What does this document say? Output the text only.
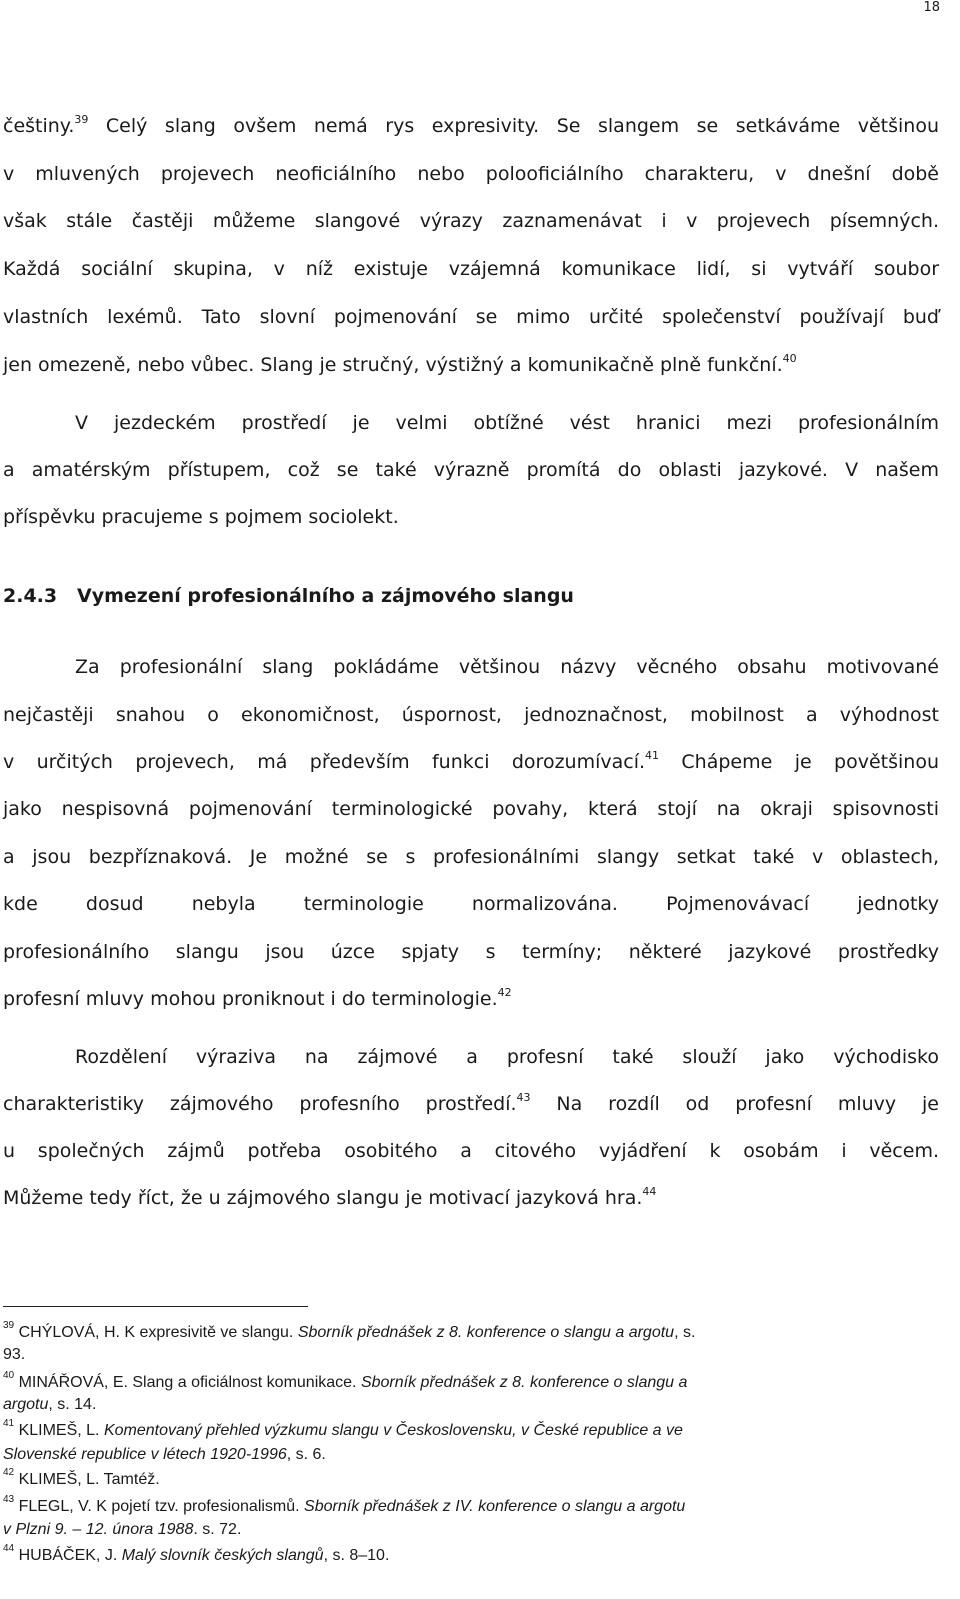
18
češtiny.$^{39}$ Celý slang ovšem nemá rys expresivity. Se slangem se setkáváme většinou
v mluvených projevech neoficiálního nebo polooficiálního charakteru, v dnešní době
však stále častěji můžeme slangové výrazy zaznamenávat i v projevech písemných.
Každá sociální skupina, v níž existuje vzájemná komunikace lidí, si vytváří soubor
vlastních lexémů. Tato slovní pojmenování se mimo určité společenství používají buď
jen omezeně, nebo vůbec. Slang je stručný, výstižný a komunikačně plně funkční.$^{40}$
V jezdeckém prostředí je velmi obtížné vést hranici mezi profesionálním
a amatérským přístupem, což se také výrazně promítá do oblasti jazykové. V našem
příspěvku pracujeme s pojmem sociolekt.
2.4.3 Vymezení profesionálního a zájmového slangu
Za profesionální slang pokládáme většinou názvy věcného obsahu motivované
nejčastěji snahou o ekonomičnost, úspornost, jednoznačnost, mobilnost a výhodnost
v určitých projevech, má především funkci dorozumívací.$^{41}$ Chápeme je povětšinou
jako nespisovná pojmenování terminologické povahy, která stojí na okraji spisovnosti
a jsou bezpříznaková. Je možné se s profesionálními slangy setkat také v oblastech,
kde dosud nebyla terminologie normalizována. Pojmenovávací jednotky
profesionálního slangu jsou úzce spjaty s termíny; některé jazykové prostředky
profesní mluvy mohou proniknout i do terminologie.$^{42}$
Rozdělení výraziva na zájmové a profesní také slouží jako východisko
charakteristiky zájmového profesního prostředí.$^{43}$ Na rozdíl od profesní mluvy je
u společných zájmů potřeba osobitého a citového vyjádření k osobám i věcem.
Můžeme tedy říct, že u zájmového slangu je motivací jazyková hra.$^{44}$
$^{39}$ CHÝLOVÁ, H. K expresivitě ve slangu. Sborník přednášek z 8. konference o slangu a argotu, s.
93.
$^{40}$ MINÁŘOVÁ, E. Slang a oficiálnost komunikace. Sborník přednášek z 8. konference o slangu a
argotu, s. 14.
$^{41}$ KLIMEŠ, L. Komentovaný přehled výzkumu slangu v Československu, v České republice a ve
Slovenské republice v létech 1920-1996, s. 6.
$^{42}$ KLIMEŠ, L. Tamtéž.
$^{43}$ FLEGL, V. K pojetí tzv. profesionalismů. Sborník přednášek z IV. konference o slangu a argotu
v Plzni 9. – 12. února 1988. s. 72.
$^{44}$ HUBÁČEK, J. Malý slovník českých slangů, s. 8–10.
